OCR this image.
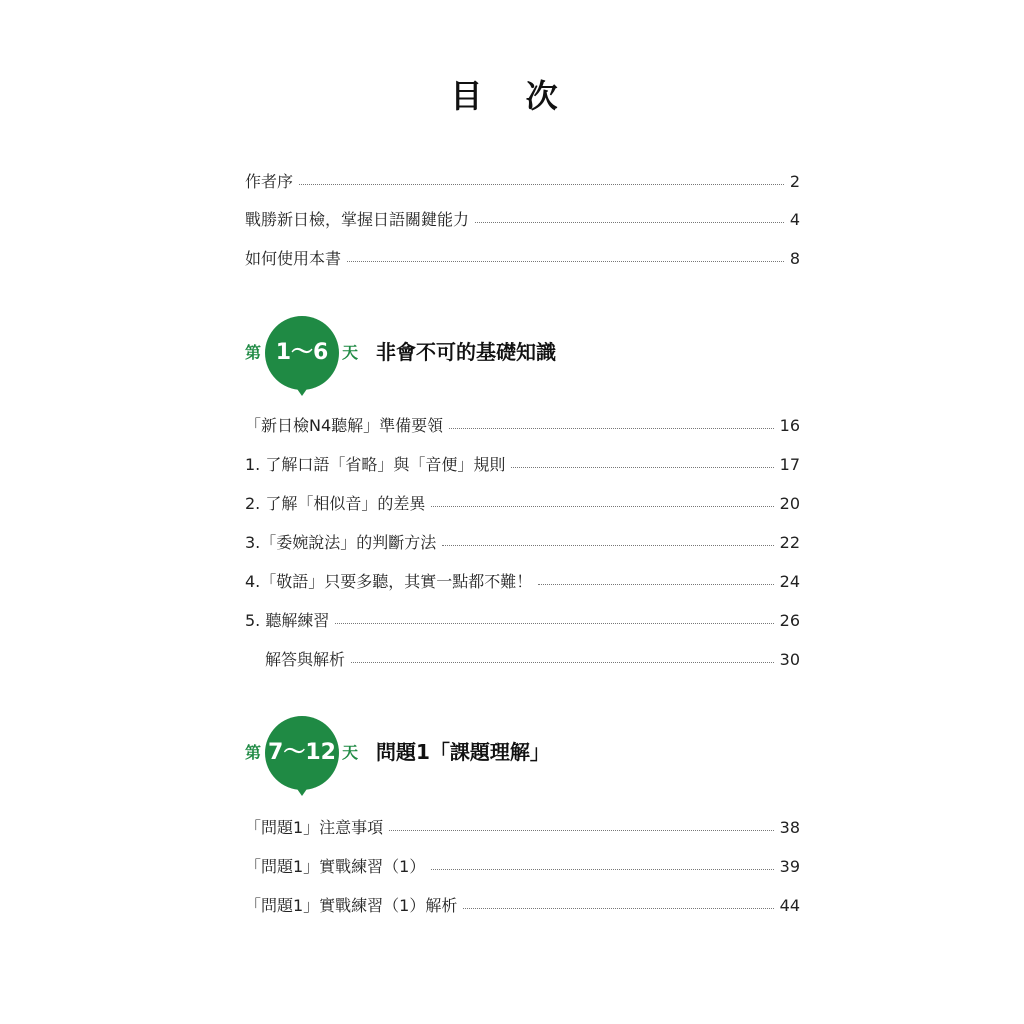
目 次
作者序	2
戰勝新日檢，掌握日語關鍵能力	4
如何使用本書	8
第 1～6 天 非會不可的基礎知識
「新日檢N4聽解」準備要領	16
1. 了解口語「省略」與「音便」規則	17
2. 了解「相似音」的差異	20
3.「委婉說法」的判斷方法	22
4.「敬語」只要多聽，其實一點都不難！	24
5. 聽解練習	26
解答與解析	30
第 7～12 天 問題1「課題理解」
「問題1」注意事項	38
「問題1」實戰練習（1）	39
「問題1」實戰練習（1）解析	44
